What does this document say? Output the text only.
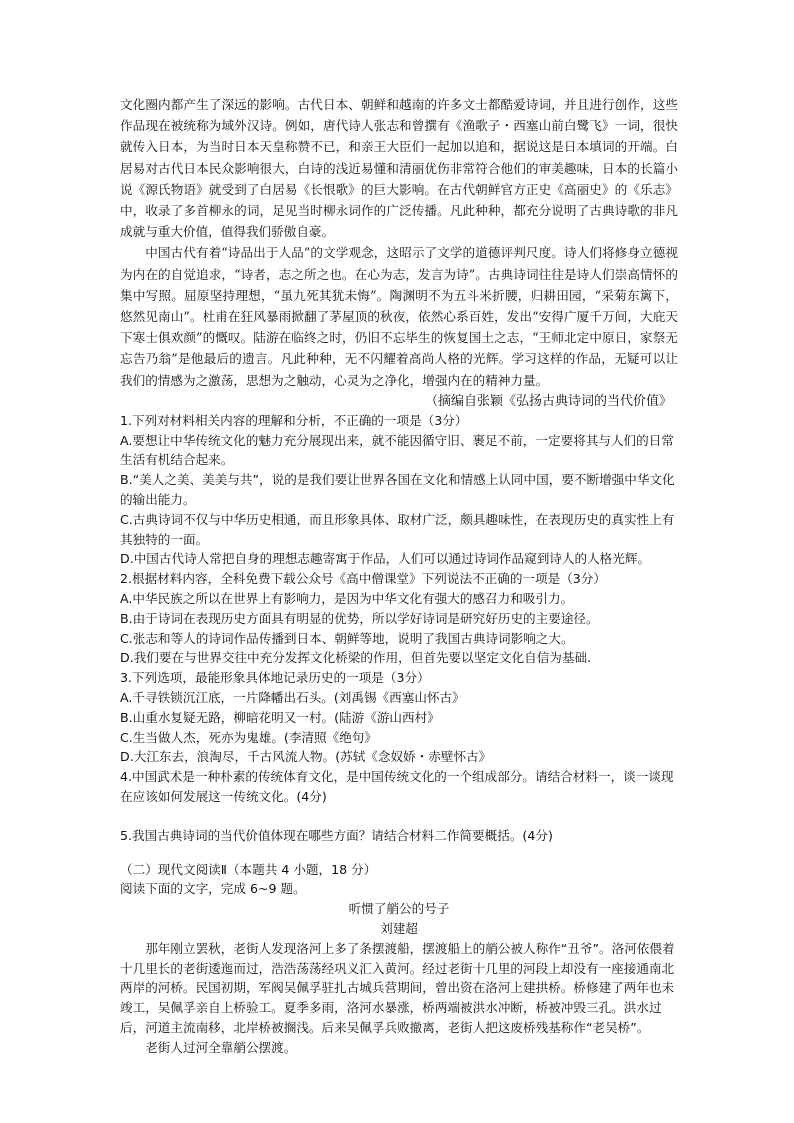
文化圈内都产生了深远的影响。古代日本、朝鲜和越南的许多文士都酷爱诗词，并且进行创作，这些作品现在被统称为域外汉诗。例如，唐代诗人张志和曾撰有《渔歌子・西塞山前白鹭飞》一词，很快就传入日本，为当时日本天皇称赞不已，和亲王大臣们一起加以追和，据说这是日本填词的开端。白居易对古代日本民众影响很大，白诗的浅近易懂和清丽优伤非常符合他们的审美趣味，日本的长篇小说《源氏物语》就受到了白居易《长恨歌》的巨大影响。在古代朝鲜官方正史《高丽史》的《乐志》中，收录了多首柳永的词，足见当时柳永词作的广泛传播。凡此种种，都充分说明了古典诗歌的非凡成就与重大价值，值得我们骄傲自豪。

中国古代有着“诗品出于人品”的文学观念，这昭示了文学的道德评判尺度。诗人们将修身立德视为内在的自觉追求，“诗者，志之所之也。在心为志，发言为诗”。古典诗词往往是诗人们崇高情怀的集中写照。屈原坚持理想，“虽九死其犹未悔”。陶渊明不为五斗米折腰，归耕田园，“采菊东篱下，悠然见南山”。杜甫在狂风暴雨掀翻了茅屋顶的秋夜，依然心系百姓，发出“安得广厦千万间，大庇天下寒士俱欢颜”的慨叹。陆游在临终之时，仍旧不忘毕生的恢复国土之志，“王师北定中原日，家祭无忘告乃翁”是他最后的遗言。凡此种种，无不闪耀着高尚人格的光辉。学习这样的作品，无疑可以让我们的情感为之激荡，思想为之触动，心灵为之净化，增强内在的精神力量。

（摘编自张颖《弘扬古典诗词的当代价值》

1.下列对材料相关内容的理解和分析，不正确的一项是（3分）

A.要想让中华传统文化的魅力充分展现出来，就不能因循守旧、裹足不前，一定要将其与人们的日常生活有机结合起来。

B.“美人之美、美美与共”，说的是我们要让世界各国在文化和情感上认同中国，要不断增强中华文化的输出能力。

C.古典诗词不仅与中华历史相通，而且形象具体、取材广泛，颇具趣味性，在表现历史的真实性上有其独特的一面。

D.中国古代诗人常把自身的理想志趣寄寓于作品，人们可以通过诗词作品窥到诗人的人格光辉。

2.根据材料内容，全科免费下载公众号《高中僧课堂》下列说法不正确的一项是（3分）

A.中华民族之所以在世界上有影响力，是因为中华文化有强大的感召力和吸引力。

B.由于诗词在表现历史方面具有明显的优势，所以学好诗词是研究好历史的主要途径。

C.张志和等人的诗词作品传播到日本、朝鲜等地，说明了我国古典诗词影响之大。

D.我们要在与世界交往中充分发挥文化桥梁的作用，但首先要以坚定文化自信为基础.

3.下列选项，最能形象具体地记录历史的一项是（3分）

A.千寻铁锁沉江底，一片降幡出石头。(刘禹锡《西塞山怀古》

B.山重水复疑无路，柳暗花明又一村。(陆游《游山西村》

C.生当做人杰，死亦为鬼雄。(李清照《绝句》

D.大江东去，浪淘尽，千古风流人物。(苏轼《念奴娇・赤壁怀古》

4.中国武术是一种朴素的传统体育文化，是中国传统文化的一个组成部分。请结合材料一，谈一谈现在应该如何发展这一传统文化。(4分)

5.我国古典诗词的当代价值体现在哪些方面？请结合材料二作简要概括。(4分)

（二）现代文阅读Ⅱ（本题共 4 小题，18 分）

阅读下面的文字，完成 6~9 题。

听惯了艄公的号子

刘建超

那年刚立罢秋，老街人发现洛河上多了条摆渡船，摆渡船上的艄公被人称作“丑爷”。洛河依偎着十几里长的老街逶迤而过，浩浩荡荡经巩义汇入黄河。经过老街十几里的河段上却没有一座接通南北两岸的河桥。民国初期，军阀吴佩孚驻扎古城兵营期间，曾出资在洛河上建拱桥。桥修建了两年也未竣工，吴佩孚亲自上桥验工。夏季多雨，洛河水暴涨，桥两端被洪水冲断，桥被冲毁三孔。洪水过后，河道主流南移，北岸桥被搁浅。后来吴佩孚兵败撤离，老街人把这废桥残基称作“老吴桥”。

老街人过河全靠艄公摆渡。
